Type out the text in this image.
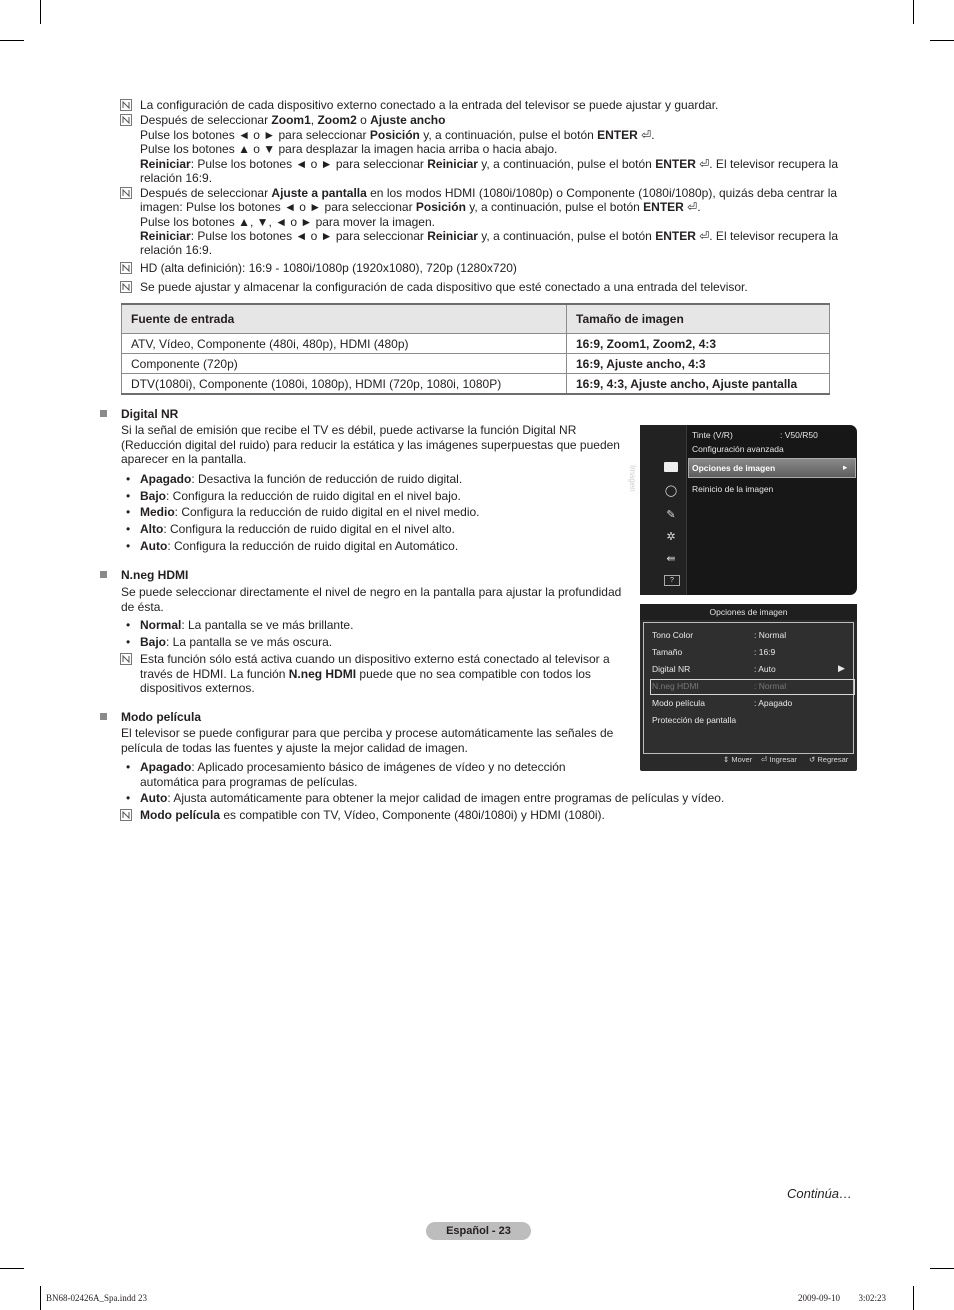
La configuración de cada dispositivo externo conectado a la entrada del televisor se puede ajustar y guardar.
Después de seleccionar Zoom1, Zoom2 o Ajuste ancho
Pulse los botones ◄ o ► para seleccionar Posición y, a continuación, pulse el botón ENTER ⏎.
Pulse los botones ▲ o ▼ para desplazar la imagen hacia arriba o hacia abajo.
Reiniciar: Pulse los botones ◄ o ► para seleccionar Reiniciar y, a continuación, pulse el botón ENTER ⏎. El televisor recupera la
relación 16:9.
Después de seleccionar Ajuste a pantalla en los modos HDMI (1080i/1080p) o Componente (1080i/1080p), quizás deba centrar la
imagen: Pulse los botones ◄ o ► para seleccionar Posición y, a continuación, pulse el botón ENTER ⏎.
Pulse los botones ▲, ▼, ◄ o ► para mover la imagen.
Reiniciar: Pulse los botones ◄ o ► para seleccionar Reiniciar y, a continuación, pulse el botón ENTER ⏎. El televisor recupera la
relación 16:9.
HD (alta definición): 16:9 - 1080i/1080p (1920x1080), 720p (1280x720)
Se puede ajustar y almacenar la configuración de cada dispositivo que esté conectado a una entrada del televisor.
Fuente de entrada	Tamaño de imagen
ATV, Vídeo, Componente (480i, 480p), HDMI (480p)	16:9, Zoom1, Zoom2, 4:3
Componente (720p)	16:9, Ajuste ancho, 4:3
DTV(1080i), Componente (1080i, 1080p), HDMI (720p, 1080i, 1080P)	16:9, 4:3, Ajuste ancho, Ajuste pantalla
Digital NR
Si la señal de emisión que recibe el TV es débil, puede activarse la función Digital NR (Reducción digital del ruido) para reducir la estática y las imágenes superpuestas que pueden aparecer en la pantalla.
• Apagado: Desactiva la función de reducción de ruido digital.
• Bajo: Configura la reducción de ruido digital en el nivel bajo.
• Medio: Configura la reducción de ruido digital en el nivel medio.
• Alto: Configura la reducción de ruido digital en el nivel alto.
• Auto: Configura la reducción de ruido digital en Automático.
N.neg HDMI
Se puede seleccionar directamente el nivel de negro en la pantalla para ajustar la profundidad de ésta.
• Normal: La pantalla se ve más brillante.
• Bajo: La pantalla se ve más oscura.
Esta función sólo está activa cuando un dispositivo externo está conectado al televisor a través de HDMI. La función N.neg HDMI puede que no sea compatible con todos los dispositivos externos.
Modo película
El televisor se puede configurar para que perciba y procese automáticamente las señales de película de todas las fuentes y ajuste la mejor calidad de imagen.
• Apagado: Aplicado procesamiento básico de imágenes de vídeo y no detección automática para programas de películas.
• Auto: Ajusta automáticamente para obtener la mejor calidad de imagen entre programas de películas y vídeo.
Modo película es compatible con TV, Vídeo, Componente (480i/1080i) y HDMI (1080i).
Imagen	◯
✎
✲
⇚
?
Tinte (V/R)	: V50/R50
Configuración avanzada
Opciones de imagen	▸
Reinicio de la imagen
Opciones de imagen
Tono Color	: Normal
Tamaño	: 16:9
Digital NR	: Auto	▶
N.neg HDMI	: Normal
Modo película	: Apagado
Protección de pantalla
⇕ Mover ⏎ Ingresar ↺ Regresar
Continúa…
Español - 23
BN68-02426A_Spa.indd 23	2009-09-10 ￿￿ 3:02:23
